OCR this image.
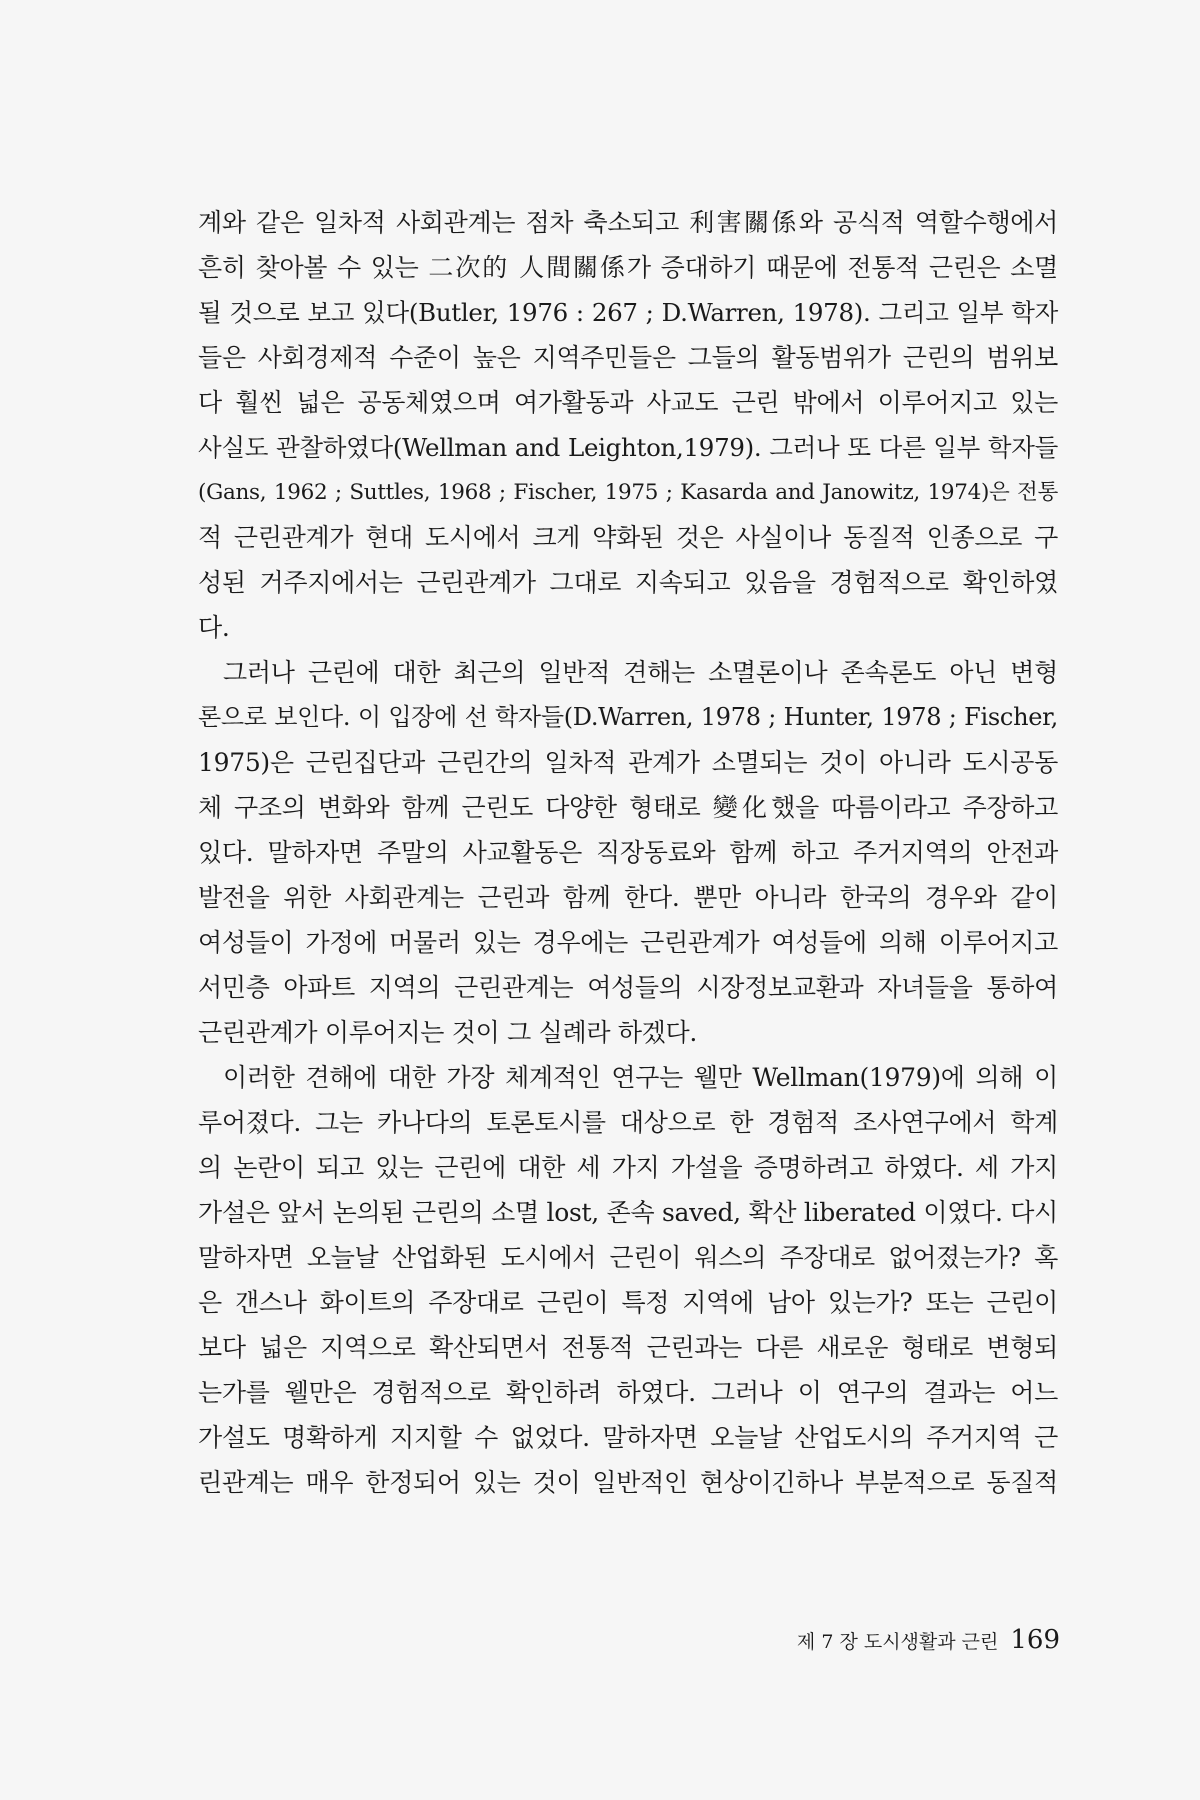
계와 같은 일차적 사회관계는 점차 축소되고 利害關係와 공식적 역할수행에서
흔히 찾아볼 수 있는 二次的 人間關係가 증대하기 때문에 전통적 근린은 소멸
될 것으로 보고 있다(Butler, 1976 : 267 ; D.Warren, 1978). 그리고 일부 학자
들은 사회경제적 수준이 높은 지역주민들은 그들의 활동범위가 근린의 범위보
다 훨씬 넓은 공동체였으며 여가활동과 사교도 근린 밖에서 이루어지고 있는
사실도 관찰하였다(Wellman and Leighton,1979). 그러나 또 다른 일부 학자들
(Gans, 1962 ; Suttles, 1968 ; Fischer, 1975 ; Kasarda and Janowitz, 1974)은 전통
적 근린관계가 현대 도시에서 크게 약화된 것은 사실이나 동질적 인종으로 구
성된 거주지에서는 근린관계가 그대로 지속되고 있음을 경험적으로 확인하였
다.
그러나 근린에 대한 최근의 일반적 견해는 소멸론이나 존속론도 아닌 변형
론으로 보인다. 이 입장에 선 학자들(D.Warren, 1978 ; Hunter, 1978 ; Fischer,
1975)은 근린집단과 근린간의 일차적 관계가 소멸되는 것이 아니라 도시공동
체 구조의 변화와 함께 근린도 다양한 형태로 變化했을 따름이라고 주장하고
있다. 말하자면 주말의 사교활동은 직장동료와 함께 하고 주거지역의 안전과
발전을 위한 사회관계는 근린과 함께 한다. 뿐만 아니라 한국의 경우와 같이
여성들이 가정에 머물러 있는 경우에는 근린관계가 여성들에 의해 이루어지고
서민층 아파트 지역의 근린관계는 여성들의 시장정보교환과 자녀들을 통하여
근린관계가 이루어지는 것이 그 실례라 하겠다.
이러한 견해에 대한 가장 체계적인 연구는 웰만 Wellman(1979)에 의해 이
루어졌다. 그는 카나다의 토론토시를 대상으로 한 경험적 조사연구에서 학계
의 논란이 되고 있는 근린에 대한 세 가지 가설을 증명하려고 하였다. 세 가지
가설은 앞서 논의된 근린의 소멸 lost, 존속 saved, 확산 liberated 이였다. 다시
말하자면 오늘날 산업화된 도시에서 근린이 워스의 주장대로 없어졌는가? 혹
은 갠스나 화이트의 주장대로 근린이 특정 지역에 남아 있는가? 또는 근린이
보다 넓은 지역으로 확산되면서 전통적 근린과는 다른 새로운 형태로 변형되
는가를 웰만은 경험적으로 확인하려 하였다. 그러나 이 연구의 결과는 어느
가설도 명확하게 지지할 수 없었다. 말하자면 오늘날 산업도시의 주거지역 근
린관계는 매우 한정되어 있는 것이 일반적인 현상이긴하나 부분적으로 동질적
제 7 장 도시생활과 근린 169
